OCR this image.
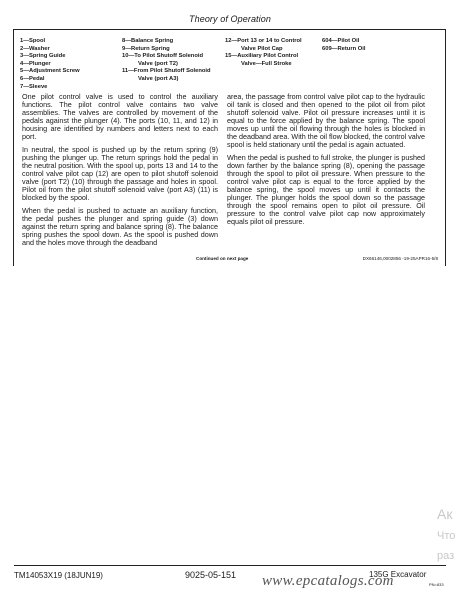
Theory of Operation
1—Spool
2—Washer
3—Spring Guide
4—Plunger
5—Adjustment Screw
6—Pedal
7—Sleeve
8—Balance Spring
9—Return Spring
10—To Pilot Shutoff Solenoid
Valve (port T2)
11—From Pilot Shutoff Solenoid
Valve (port A3)
12—Port 13 or 14 to Control
Valve Pilot Cap
15—Auxiliary Pilot Control
Valve—Full Stroke
604—Pilot Oil
609—Return Oil

One pilot control valve is used to control the auxiliary functions. The pilot control valve contains two valve assemblies. The valves are controlled by movement of the pedals against the plunger (4). The ports (10, 11, and 12) in housing are identified by numbers and letters next to each port.

In neutral, the spool is pushed up by the return spring (9) pushing the plunger up. The return springs hold the pedal in the neutral position. With the spool up, ports 13 and 14 to the control valve pilot cap (12) are open to pilot shutoff solenoid valve (port T2) (10) through the passage and holes in spool. Pilot oil from the pilot shutoff solenoid valve (port A3) (11) is blocked by the spool.

When the pedal is pushed to actuate an auxiliary function, the pedal pushes the plunger and spring guide (3) down against the return spring and balance spring (8). The balance spring pushes the spool down. As the spool is pushed down and the holes move through the deadband

area, the passage from control valve pilot cap to the hydraulic oil tank is closed and then opened to the pilot oil from pilot shutoff solenoid valve. Pilot oil pressure increases until it is equal to the force applied by the balance spring. The spool moves up until the oil flowing through the holes is blocked in the deadband area. With the oil flow blocked, the control valve spool is held stationary until the pedal is again actuated.

When the pedal is pushed to full stroke, the plunger is pushed down farther by the balance spring (8), opening the passage through the spool to pilot oil pressure. When pressure to the control valve pilot cap is equal to the force applied by the balance spring, the spool moves up until it contacts the plunger. The plunger holds the spool down so the passage through the spool remains open to pilot oil pressure. Oil pressure to the control valve pilot cap now approximately equals pilot oil pressure.

Continued on next page	DX66146,0002856 -19-25APR16-5/8
TM14053X19 (18JUN19)	9025-05-151	135G Excavator
PN=833
www.epcatalogs.com
Ак
Что
раз
